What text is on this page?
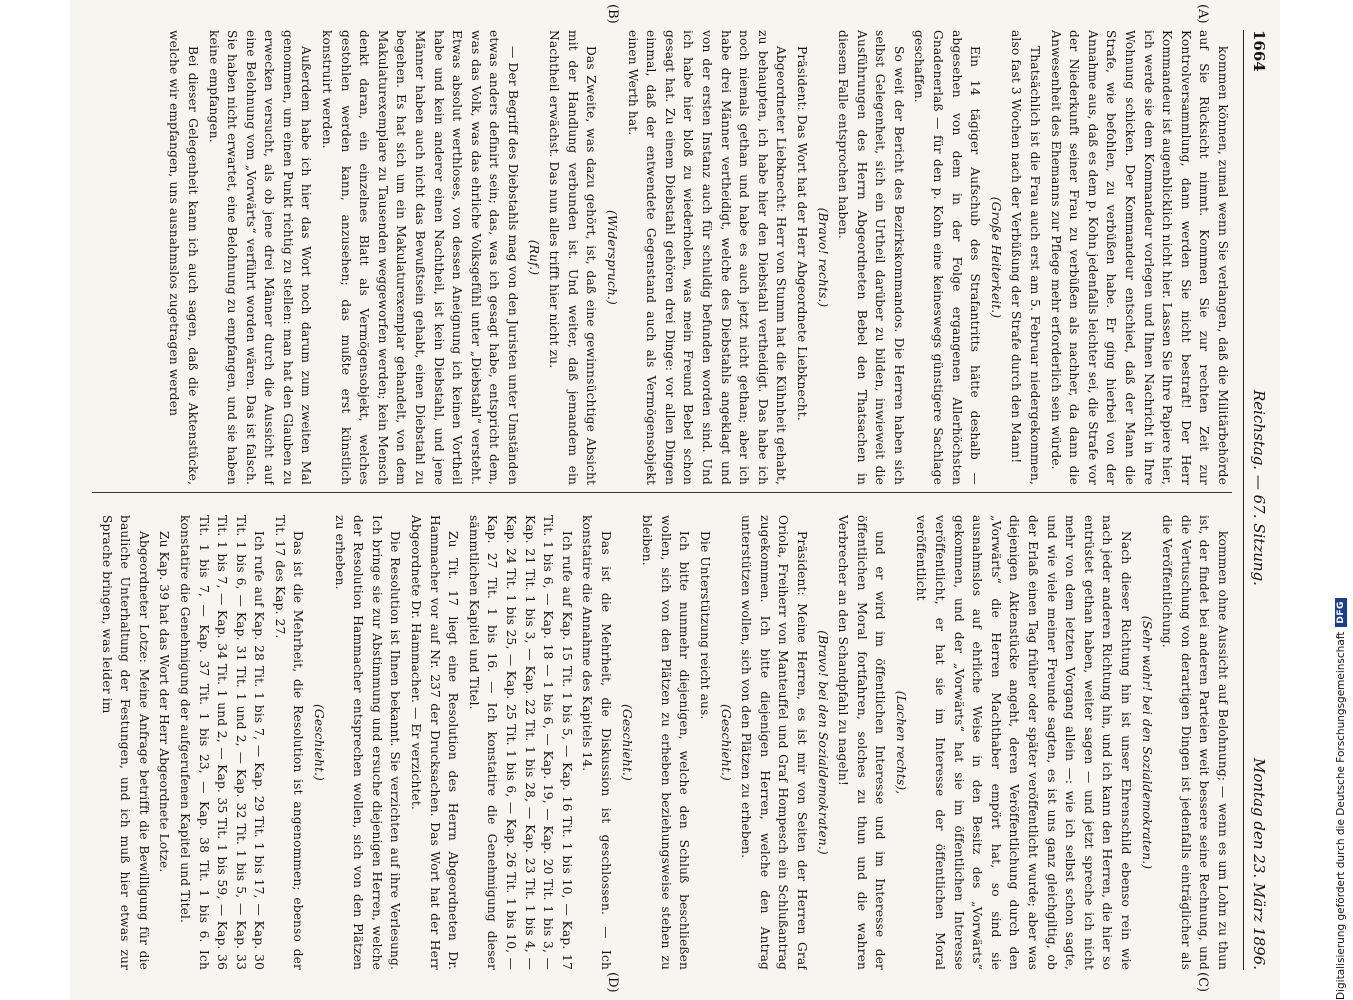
1664
Reichstag. — 67. Sitzung.
Montag den 23. März 1896.
(A)
(B)
(C)
(D)

kommen können, zumal wenn Sie verlangen, daß die Militärbehörde auf Sie Rücksicht nimmt. Kommen Sie zur rechten Zeit zur Kontrolversammlung, dann werden Sie nicht bestraft! Der Herr Kommandeur ist augenblicklich nicht hier. Lassen Sie Ihre Papiere hier, ich werde sie dem Kommandeur vorlegen und Ihnen Nachricht in Ihre Wohnung schicken. Der Kommandeur entschied, daß der Mann die Strafe, wie befohlen, zu verbüßen habe. Er ging hierbei von der Annahme aus, daß es dem p. Kohn jedenfalls leichter sei, die Strafe vor der Niederkunft seiner Frau zu verbüßen als nachher, da dann die Anwesenheit des Ehemanns zur Pflege mehr erforderlich sein würde.

Thatsächlich ist die Frau auch erst am 5. Februar niedergekommen, also fast 3 Wochen nach der Verbüßung der Strafe durch den Mann!

(Große Heiterkeit.)

Ein 14 tägiger Aufschub des Strafantritts hätte deshalb — abgesehen von dem in der Folge ergangenen Allerhöchsten Gnadenerlaß — für den p. Kohn eine keineswegs günstigere Sachlage geschaffen.

So weit der Bericht des Bezirkskommandos. Die Herren haben sich selbst Gelegenheit, sich ein Urtheil darüber zu bilden, inwieweit die Ausführungen des Herrn Abgeordneten Bebel den Thatsachen in diesem Falle entsprochen haben.

(Bravo! rechts.)

Präsident: Das Wort hat der Herr Abgeordnete Liebknecht.

Abgeordneter Liebknecht: Herr von Stumm hat die Kühnheit gehabt, zu behaupten, ich habe hier den Diebstahl vertheidigt. Das habe ich noch niemals gethan und habe es auch jetzt nicht gethan; aber ich habe drei Männer vertheidigt, welche des Diebstahls angeklagt und von der ersten Instanz auch für schuldig befunden worden sind. Und ich habe hier bloß zu wiederholen, was mein Freund Bebel schon gesagt hat. Zu einem Diebstahl gehören drei Dinge: vor allen Dingen einmal, daß der entwendete Gegenstand auch als Vermögensobjekt einen Werth hat.

(Widerspruch.)

Das Zweite, was dazu gehört, ist, daß eine gewinnsüchtige Absicht mit der Handlung verbunden ist. Und weiter, daß jemandem ein Nachtheil erwächst. Das nun alles trifft hier nicht zu.

(Ruf.)

— Der Begriff des Diebstahls mag von den Juristen unter Umständen etwas anders definirt sein; das, was ich gesagt habe, entspricht dem, was das Volk, was das ehrliche Volksgefühl unter „Diebstahl“ versteht. Etwas absolut werthloses, von dessen Aneignung ich keinen Vortheil habe und kein anderer einen Nachtheil, ist kein Diebstahl, und jene Männer haben auch nicht das Bewußtsein gehabt, einen Diebstahl zu begehen. Es hat sich um ein Makulaturexemplar gehandelt, von dem Makulaturexemplare zu Tausenden weggeworfen werden; kein Mensch denkt daran, ein einzelnes Blatt als Vermögensobjekt, welches gestohlen werden kann, anzusehen; das mußte erst künstlich konstruirt werden.

Außerdem habe ich hier das Wort noch darum zum zweiten Mal genommen, um einen Punkt richtig zu stellen: man hat den Glauben zu erwecken versucht, als ob jene drei Männer durch die Aussicht auf eine Belohnung vom „Vorwärts“ verführt worden wären. Das ist falsch. Sie haben nicht erwartet, eine Belohnung zu empfangen, und sie haben keine empfangen.

Bei dieser Gelegenheit kann ich auch sagen, daß die Aktenstücke, welche wir empfangen, uns ausnahmslos zugetragen werden

kommen ohne Aussicht auf Belohnung; — wenn es um Lohn zu thun ist, der findet bei anderen Parteien weit bessere seine Rechnung, und die Vertuschung von derartigen Dingen ist jedenfalls einträglicher als die Veröffentlichung.

(Sehr wahr! bei den Sozialdemokraten.)

Nach dieser Richtung hin ist unser Ehrenschild ebenso rein wie nach jeder anderen Richtung hin, und ich kann den Herren, die hier so entrüstet gethan haben, weiter sagen — und jetzt spreche ich nicht mehr von dem letzten Vorgang allein —: wie ich selbst schon sagte, und wie viele meiner Freunde sagten, es ist uns ganz gleichgiltig, ob der Erlaß einen Tag früher oder später veröffentlicht wurde; aber was diejenigen Aktenstücke angeht, deren Veröffentlichung durch den „Vorwärts“ die Herren Machthaber empört hat, so sind sie ausnahmslos auf ehrliche Weise in den Besitz des „Vorwärts“ gekommen, und der „Vorwärts“ hat sie im öffentlichen Interesse veröffentlicht, er hat sie im Interesse der öffentlichen Moral veröffentlicht

(Lachen rechts),

und er wird im öffentlichen Interesse und im Interesse der öffentlichen Moral fortfahren, solches zu thun und die wahren Verbrecher an den Schandpfahl zu nageln!

(Bravo! bei den Sozialdemokraten.)

Präsident: Meine Herren, es ist mir von Seiten der Herren Graf Oriola, Freiherr von Manteuffel und Graf Hompesch ein Schlußantrag zugekommen. Ich bitte diejenigen Herren, welche den Antrag unterstützen wollen, sich von den Plätzen zu erheben.

(Geschieht.)

Die Unterstützung reicht aus.

Ich bitte nunmehr diejenigen, welche den Schluß beschließen wollen, sich von den Plätzen zu erheben beziehungsweise stehen zu bleiben.

(Geschieht.)

Das ist die Mehrheit, die Diskussion ist geschlossen. — Ich konstatire die Annahme des Kapitels 14.

Ich rufe auf Kap. 15 Tit. 1 bis 5, — Kap. 16 Tit. 1 bis 10, — Kap. 17 Tit. 1 bis 6, — Kap. 18 — 1 bis 6, — Kap. 19, — Kap. 20 Tit. 1 bis 3, — Kap. 21 Tit. 1 bis 3, — Kap. 22 Tit. 1 bis 28, — Kap. 23 Tit. 1 bis 4, — Kap. 24 Tit. 1 bis 25, — Kap. 25 Tit. 1 bis 6, — Kap. 26 Tit. 1 bis 10, — Kap. 27 Tit. 1 bis 16. — Ich konstatire die Genehmigung dieser sämmtlichen Kapitel und Titel.

Zu Tit. 17 liegt eine Resolution des Herrn Abgeordneten Dr. Hammacher vor auf Nr. 237 der Drucksachen. Das Wort hat der Herr Abgeordnete Dr. Hammacher. — Er verzichtet.

Die Resolution ist Ihnen bekannt. Sie verzichten auf ihre Verlesung. Ich bringe sie zur Abstimmung und ersuche diejenigen Herren, welche der Resolution Hammacher entsprechen wollen, sich von den Plätzen zu erheben.

(Geschieht.)

Das ist die Mehrheit, die Resolution ist angenommen; ebenso der Tit. 17 des Kap. 27.

Ich rufe auf Kap. 28 Tit. 1 bis 7, — Kap. 29 Tit. 1 bis 17, — Kap. 30 Tit. 1 bis 6, — Kap. 31 Tit. 1 und 2, — Kap. 32 Tit. 1 bis 5, — Kap. 33 Tit. 1 bis 7, — Kap. 34 Tit. 1 und 2, — Kap. 35 Tit. 1 bis 59, — Kap. 36 Tit. 1 bis 7, — Kap. 37 Tit. 1 bis 23, — Kap. 38 Tit. 1 bis 6. Ich konstatire die Genehmigung der aufgerufenen Kapitel und Titel.

Zu Kap. 39 hat das Wort der Herr Abgeordnete Lotze.

Abgeordneter Lotze: Meine Anfrage betrifft die Bewilligung für die bauliche Unterhaltung der Festungen, und ich muß hier etwas zur Sprache bringen, was leider im

Digitalisierung gefördert durch die Deutsche Forschungsgemeinschaft
DFG
